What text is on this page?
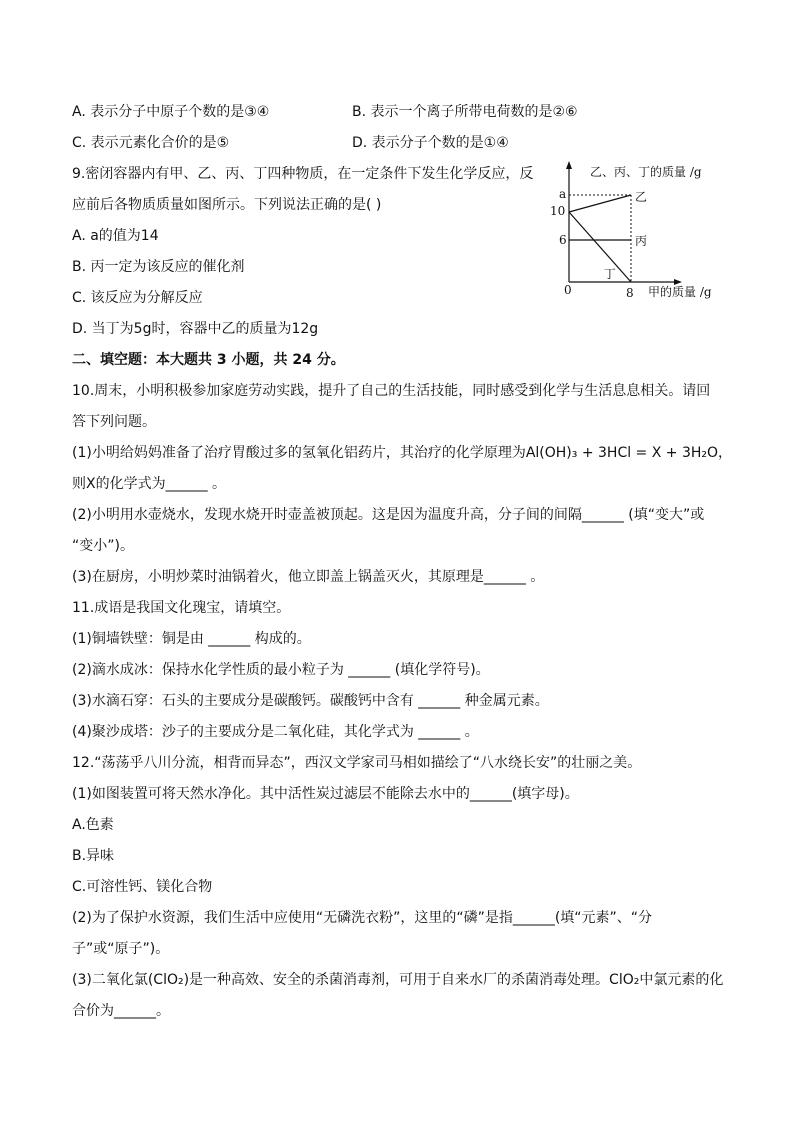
A. 表示分子中原子个数的是③④	B. 表示一个离子所带电荷数的是②⑥
C. 表示元素化合价的是⑤	D. 表示分子个数的是①④
9.密闭容器内有甲、乙、丙、丁四种物质，在一定条件下发生化学反应，反
应前后各物质质量如图所示。下列说法正确的是( )
A. a的值为14
B. 丙一定为该反应的催化剂
C. 该反应为分解反应
D. 当丁为5g时，容器中乙的质量为12g
乙、丙、丁的质量 /g
甲的质量 /g
0	8
a
10
6
乙
丙
丁
二、填空题：本大题共 3 小题，共 24 分。
10.周末，小明积极参加家庭劳动实践，提升了自己的生活技能，同时感受到化学与生活息息相关。请回
答下列问题。
(1)小明给妈妈准备了治疗胃酸过多的氢氧化铝药片，其治疗的化学原理为Al(OH)₃ + 3HCl = X + 3H₂O，
则X的化学式为______ 。
(2)小明用水壶烧水，发现水烧开时壶盖被顶起。这是因为温度升高，分子间的间隔______ (填“变大”或
“变小”)。
(3)在厨房，小明炒菜时油锅着火，他立即盖上锅盖灭火，其原理是______ 。
11.成语是我国文化瑰宝，请填空。
(1)铜墙铁壁：铜是由 ______ 构成的。
(2)滴水成冰：保持水化学性质的最小粒子为 ______ (填化学符号)。
(3)水滴石穿：石头的主要成分是碳酸钙。碳酸钙中含有 ______ 种金属元素。
(4)聚沙成塔：沙子的主要成分是二氧化硅，其化学式为 ______ 。
12.“荡荡乎八川分流，相背而异态”，西汉文学家司马相如描绘了“八水绕长安”的壮丽之美。
(1)如图装置可将天然水净化。其中活性炭过滤层不能除去水中的______(填字母)。
A.色素
B.异味
C.可溶性钙、镁化合物
(2)为了保护水资源，我们生活中应使用“无磷洗衣粉”，这里的“磷”是指______(填“元素”、“分
子”或“原子”)。
(3)二氧化氯(ClO₂)是一种高效、安全的杀菌消毒剂，可用于自来水厂的杀菌消毒处理。ClO₂中氯元素的化
合价为______。
